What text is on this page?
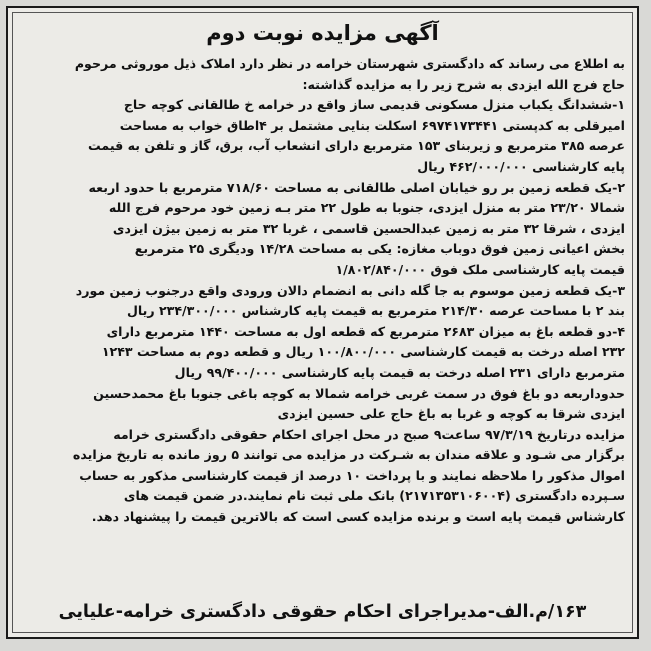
آگهی مزایده نوبت دوم
به اطلاع می رساند که دادگستری شهرستان خرامه در نظر دارد املاک ذیل موروثی مرحوم
حاج فرج الله ایزدی به شرح زیر را به مزایده گذاشته:
۱-ششدانگ یکباب منزل مسکونی قدیمی ساز واقع در خرامه خ طالقانی کوچه حاج
امیرقلی به کدپستی ۶۹۷۴۱۷۳۴۴۱ اسکلت بنایی مشتمل بر ۴اطاق خواب به مساحت
عرصه ۳۸۵ مترمربع و زیربنای ۱۵۳ مترمربع دارای انشعاب آب، برق، گاز و تلفن به قیمت
پایه کارشناسی ۴۶۲/۰۰۰/۰۰۰ ریال
۲-یک قطعه زمین بر رو خیابان اصلی طالقانی به مساحت ۷۱۸/۶۰ مترمربع با حدود اربعه
شمالا ۲۳/۲۰ متر به منزل ایزدی، جنوبا به طول ۲۲ متر بـه زمین خود مرحوم فرج الله
ایزدی ، شرقا ۳۲ متر به زمین عبدالحسین قاسمی ، غربا ۳۲ متر به زمین بیژن ایزدی
بخش اعیانی زمین فوق دوباب مغازه: یکی به مساحت ۱۴/۲۸ ودیگری ۲۵ مترمربع
قیمت پایه کارشناسی ملک فوق ۱/۸۰۲/۸۴۰/۰۰۰
۳-یک قطعه زمین موسوم به جا گله دانی به انضمام دالان ورودی واقع درجنوب زمین مورد
بند ۲ با مساحت عرصه ۲۱۴/۳۰ مترمربع به قیمت پایه کارشناس ۲۳۴/۳۰۰/۰۰۰ ریال
۴-دو قطعه باغ به میزان ۲۶۸۳ مترمربع که قطعه اول به مساحت ۱۴۴۰ مترمربع دارای
۲۳۲ اصله درخت به قیمت کارشناسی ۱۰۰/۸۰۰/۰۰۰ ریال و قطعه دوم به مساحت ۱۲۴۳
مترمربع دارای ۲۳۱ اصله درخت به قیمت پایه کارشناسی ۹۹/۴۰۰/۰۰۰ ریال
حدوداربعه دو باغ فوق در سمت غربی خرامه شمالا به کوچه باغی جنوبا باغ محمدحسین
ایزدی شرقا به کوچه و غربا به باغ حاج علی حسین ایزدی
مزایده درتاریخ ۹۷/۳/۱۹ ساعت۹ صبح در محل اجرای احکام حقوقی دادگستری خرامه
برگزار می شـود و علاقه مندان به شـرکت در مزایده می توانند ۵ روز مانده به تاریخ مزایده
اموال مذکور را ملاحظه نمایند و با پرداخت ۱۰ درصد از قیمت کارشناسی مذکور به حساب
سـپرده دادگستری (۲۱۷۱۳۵۳۱۰۶۰۰۴) بانک ملی ثبت نام نمایند.در ضمن قیمت های
کارشناس قیمت پایه است و برنده مزایده کسی است که بالاترین قیمت را پیشنهاد دهد.
۱۶۳/م.الف-مدیراجرای احکام حقوقی دادگستری خرامه-علیایی
